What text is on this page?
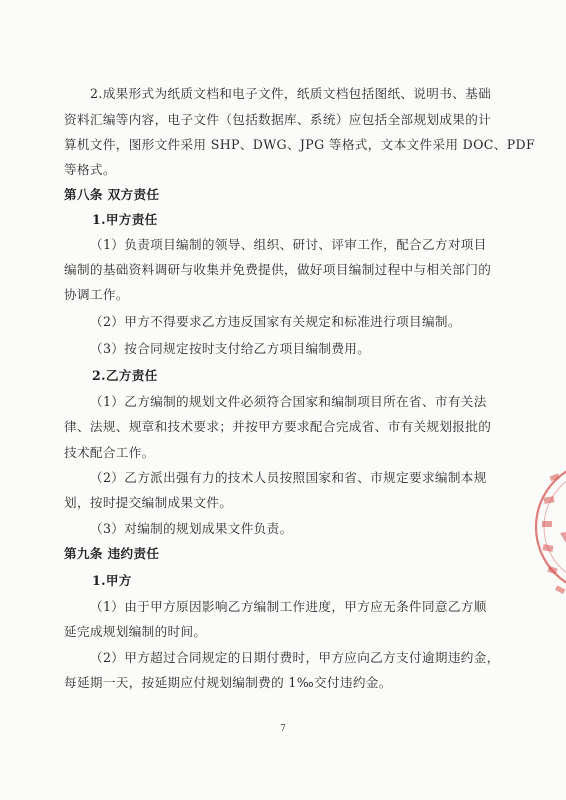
2.成果形式为纸质文档和电子文件，纸质文档包括图纸、说明书、基础
资料汇编等内容，电子文件（包括数据库、系统）应包括全部规划成果的计
算机文件，图形文件采用 SHP、DWG、JPG 等格式，文本文件采用 DOC、PDF
等格式。
第八条 双方责任
1.甲方责任
（1）负责项目编制的领导、组织、研讨、评审工作，配合乙方对项目
编制的基础资料调研与收集并免费提供，做好项目编制过程中与相关部门的
协调工作。
（2）甲方不得要求乙方违反国家有关规定和标准进行项目编制。
（3）按合同规定按时支付给乙方项目编制费用。
2.乙方责任
（1）乙方编制的规划文件必须符合国家和编制项目所在省、市有关法
律、法规、规章和技术要求；并按甲方要求配合完成省、市有关规划报批的
技术配合工作。
（2）乙方派出强有力的技术人员按照国家和省、市规定要求编制本规
划，按时提交编制成果文件。
（3）对编制的规划成果文件负责。
第九条 违约责任
1.甲方
（1）由于甲方原因影响乙方编制工作进度，甲方应无条件同意乙方顺
延完成规划编制的时间。
（2）甲方超过合同规定的日期付费时，甲方应向乙方支付逾期违约金，
每延期一天，按延期应付规划编制费的 1‰交付违约金。
7
